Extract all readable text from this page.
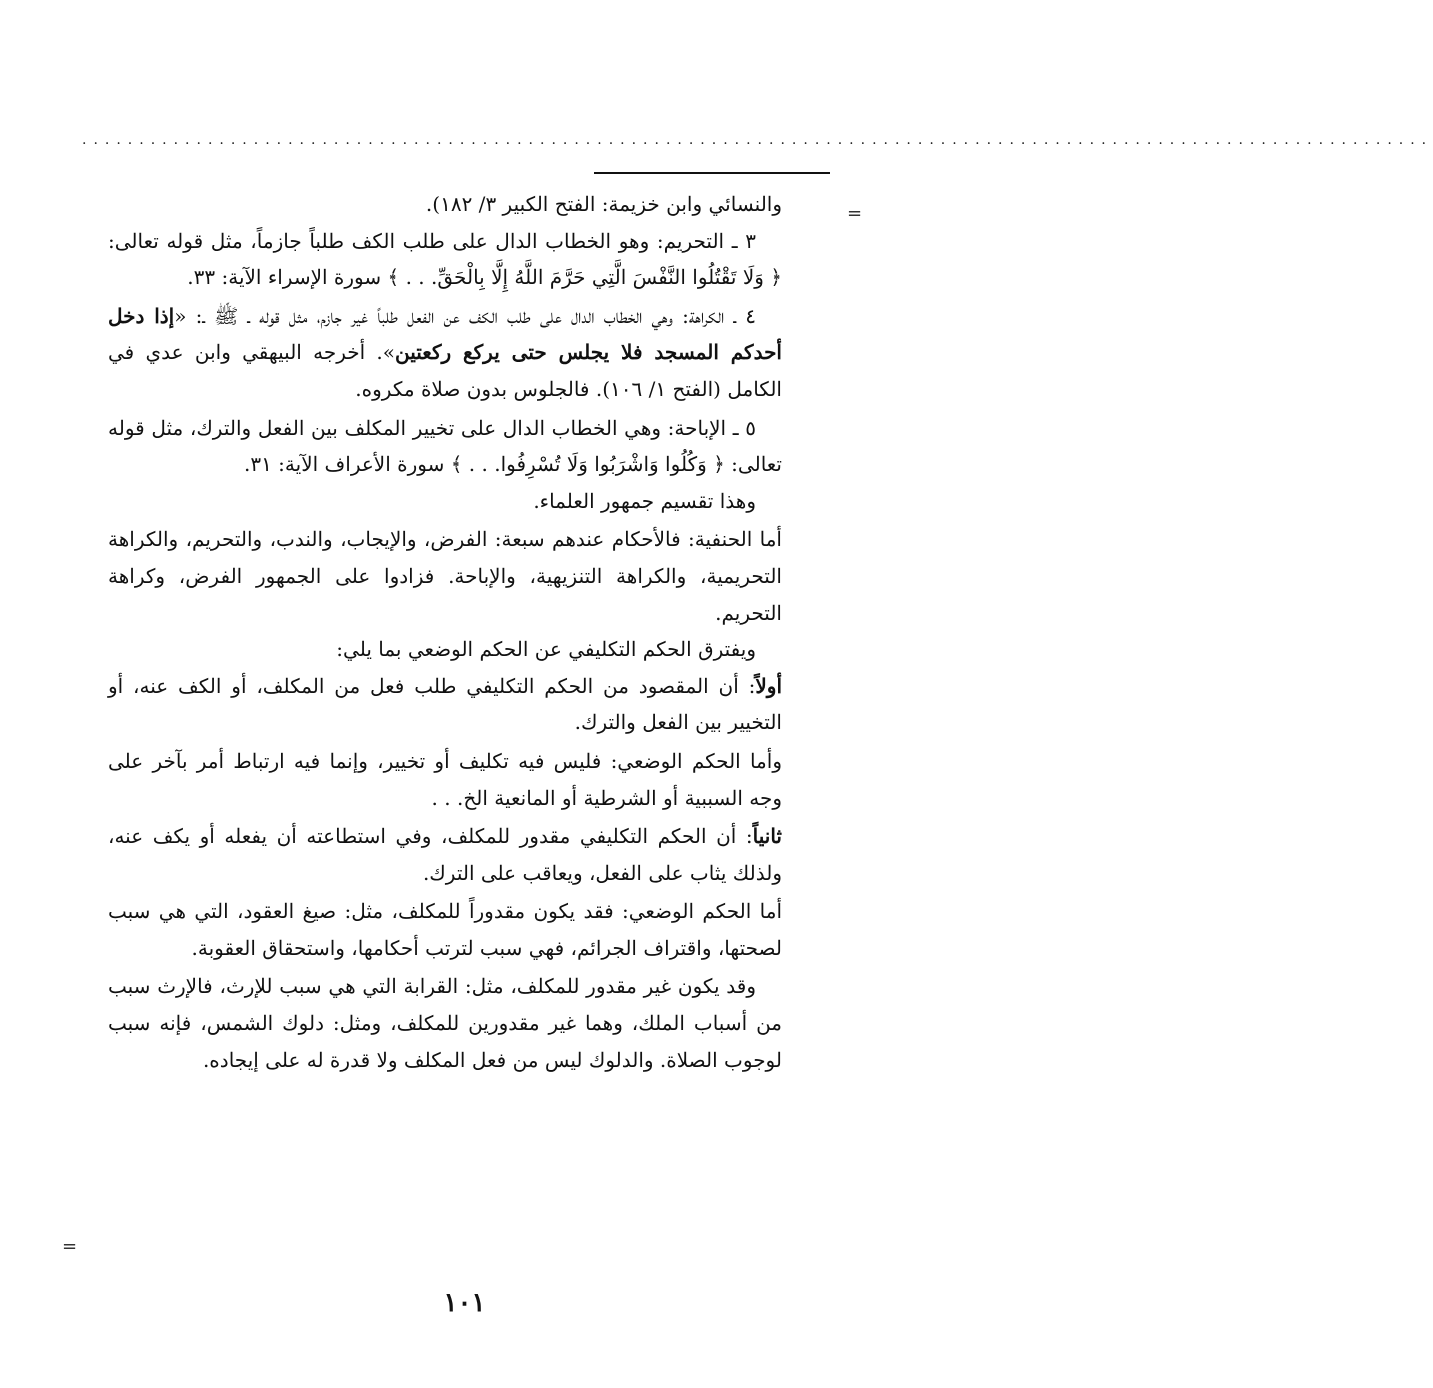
......................................................................................................................
=
=

والنسائي وابن خزيمة: الفتح الكبير ٣/ ١٨٢).

٣ ـ التحريم: وهو الخطاب الدال على طلب الكف طلباً جازماً، مثل قوله تعالى: ﴿ وَلَا تَقْتُلُوا النَّفْسَ الَّتِي حَرَّمَ اللَّهُ إِلَّا بِالْحَقِّ. . . ﴾ سورة الإسراء الآية: ٣٣.

٤ ـ الكراهة: وهي الخطاب الدال على طلب الكف عن الفعل طلباً غير جازم، مثل قوله ـ ﷺ ـ: «إذا دخل أحدكم المسجد فلا يجلس حتى يركع ركعتين». أخرجه البيهقي وابن عدي في الكامل (الفتح ١/ ١٠٦). فالجلوس بدون صلاة مكروه.

٥ ـ الإباحة: وهي الخطاب الدال على تخيير المكلف بين الفعل والترك، مثل قوله تعالى: ﴿ وَكُلُوا وَاشْرَبُوا وَلَا تُسْرِفُوا. . . ﴾ سورة الأعراف الآية: ٣١.

وهذا تقسيم جمهور العلماء.

أما الحنفية: فالأحكام عندهم سبعة: الفرض، والإيجاب، والندب، والتحريم، والكراهة التحريمية، والكراهة التنزيهية، والإباحة. فزادوا على الجمهور الفرض، وكراهة التحريم.

ويفترق الحكم التكليفي عن الحكم الوضعي بما يلي:

أولاً: أن المقصود من الحكم التكليفي طلب فعل من المكلف، أو الكف عنه، أو التخيير بين الفعل والترك.

وأما الحكم الوضعي: فليس فيه تكليف أو تخيير، وإنما فيه ارتباط أمر بآخر على وجه السببية أو الشرطية أو المانعية الخ. . .

ثانياً: أن الحكم التكليفي مقدور للمكلف، وفي استطاعته أن يفعله أو يكف عنه، ولذلك يثاب على الفعل، ويعاقب على الترك.

أما الحكم الوضعي: فقد يكون مقدوراً للمكلف، مثل: صيغ العقود، التي هي سبب لصحتها، واقتراف الجرائم، فهي سبب لترتب أحكامها، واستحقاق العقوبة.

وقد يكون غير مقدور للمكلف، مثل: القرابة التي هي سبب للإرث، فالإرث سبب من أسباب الملك، وهما غير مقدورين للمكلف، ومثل: دلوك الشمس، فإنه سبب لوجوب الصلاة. والدلوك ليس من فعل المكلف ولا قدرة له على إيجاده.

١٠١
